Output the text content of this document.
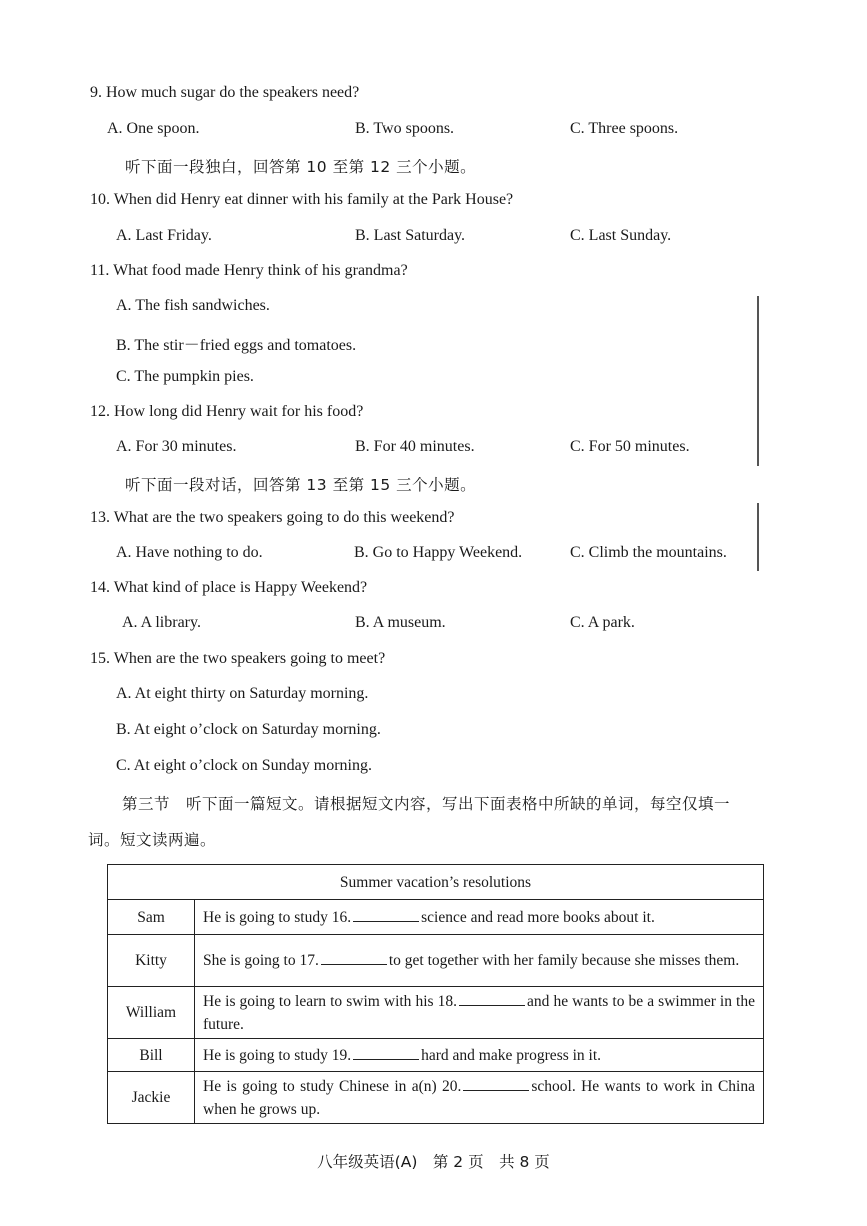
9. How much sugar do the speakers need?
A. One spoon.	B. Two spoons.	C. Three spoons.
听下面一段独白，回答第 10 至第 12 三个小题。
10. When did Henry eat dinner with his family at the Park House?
A. Last Friday.	B. Last Saturday.	C. Last Sunday.
11. What food made Henry think of his grandma?
A. The fish sandwiches.
B. The stir－fried eggs and tomatoes.
C. The pumpkin pies.
12. How long did Henry wait for his food?
A. For 30 minutes.	B. For 40 minutes.	C. For 50 minutes.
听下面一段对话，回答第 13 至第 15 三个小题。
13. What are the two speakers going to do this weekend?
A. Have nothing to do.	B. Go to Happy Weekend.	C. Climb the mountains.
14. What kind of place is Happy Weekend?
A. A library.	B. A museum.	C. A park.
15. When are the two speakers going to meet?
A. At eight thirty on Saturday morning.
B. At eight o’clock on Saturday morning.
C. At eight o’clock on Sunday morning.
第三节　听下面一篇短文。请根据短文内容，写出下面表格中所缺的单词，每空仅填一
词。短文读两遍。
Summer vacation’s resolutions	
Sam	He is going to study 16. science and read more books about it.
Kitty	She is going to 17. to get together with her family because she misses them.
William	He is going to learn to swim with his 18. and he wants to be a swimmer in the future.
Bill	He is going to study 19. hard and make progress in it.
Jackie	He is going to study Chinese in a(n) 20. school. He wants to work in China when he grows up.
八年级英语(A)　第 2 页　共 8 页
